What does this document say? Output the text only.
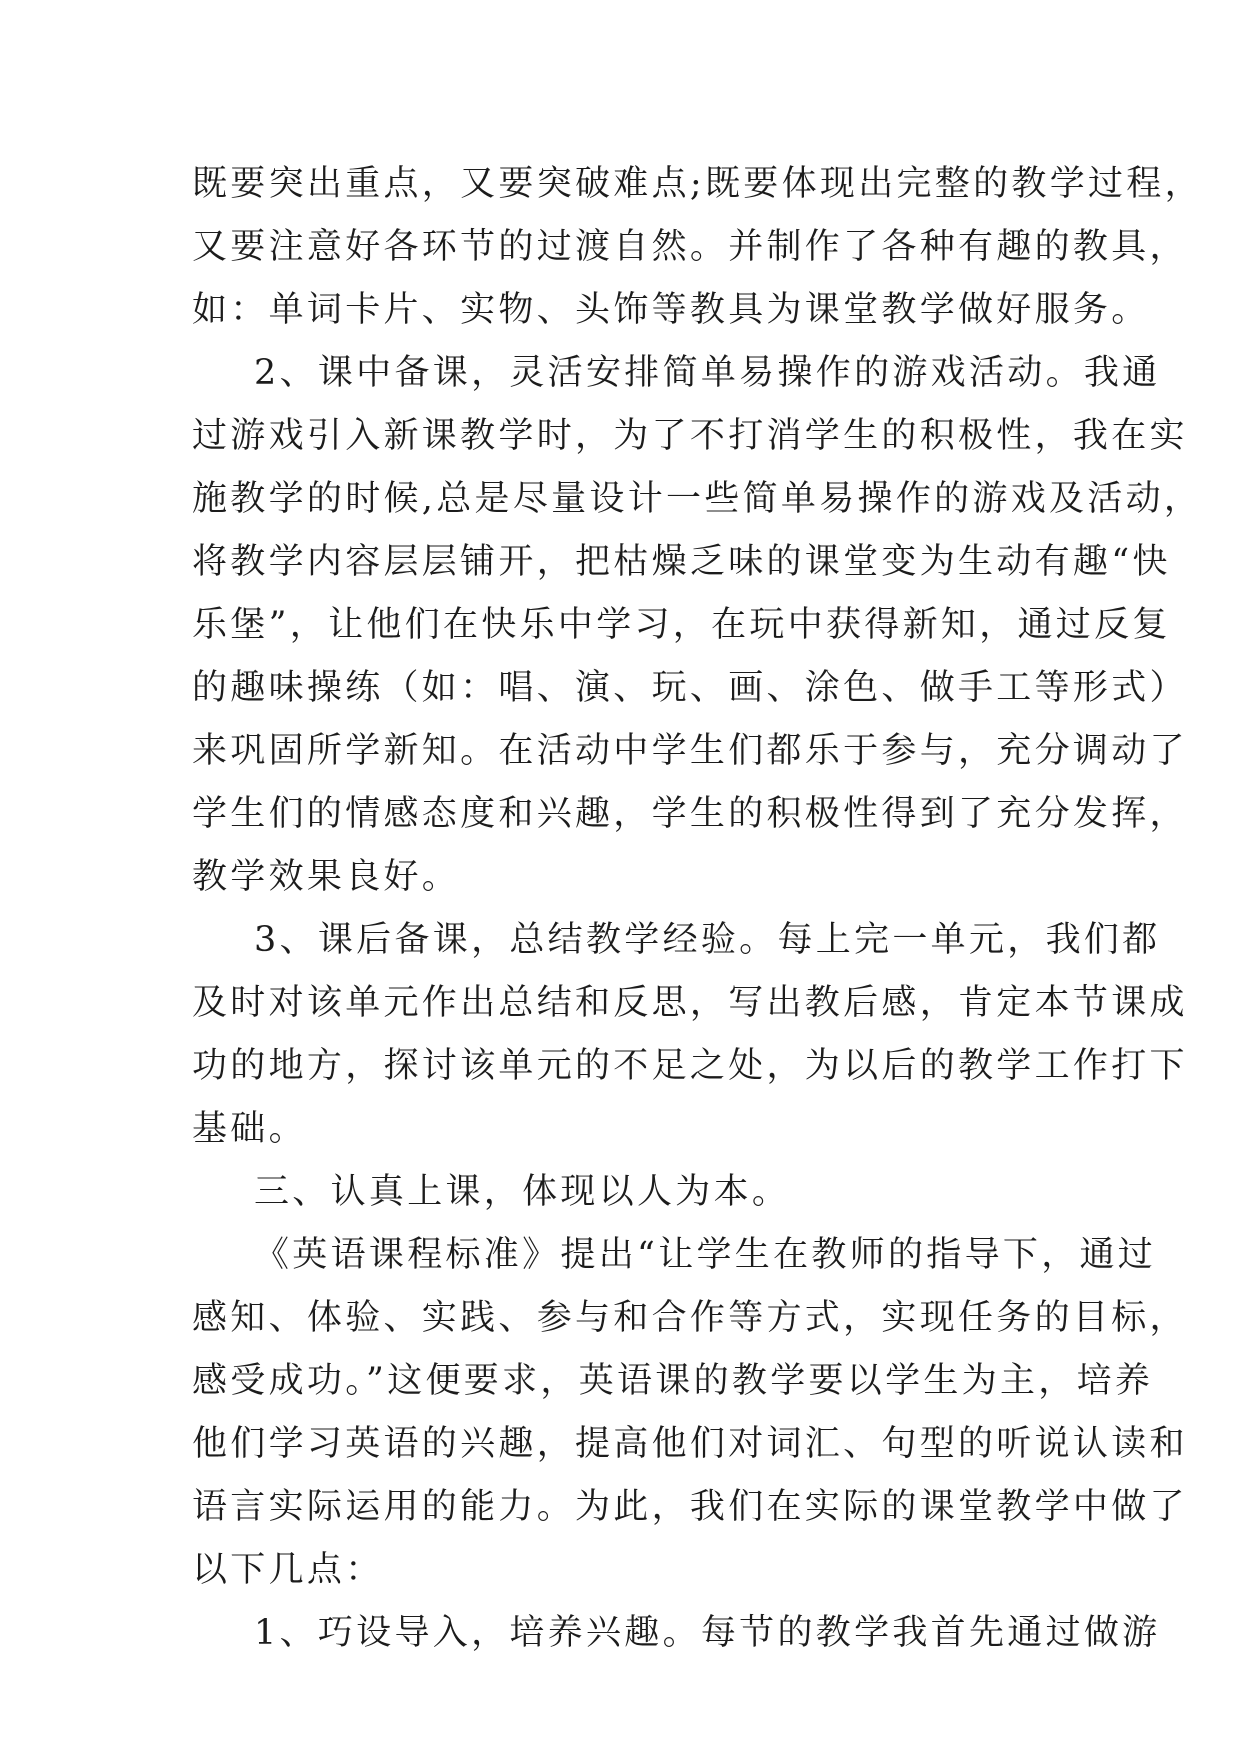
既要突出重点，又要突破难点;既要体现出完整的教学过程，
又要注意好各环节的过渡自然。并制作了各种有趣的教具，
如：单词卡片、实物、头饰等教具为课堂教学做好服务。
2、课中备课，灵活安排简单易操作的游戏活动。我通
过游戏引入新课教学时，为了不打消学生的积极性，我在实
施教学的时候,总是尽量设计一些简单易操作的游戏及活动，
将教学内容层层铺开，把枯燥乏味的课堂变为生动有趣“快
乐堡”，让他们在快乐中学习，在玩中获得新知，通过反复
的趣味操练（如：唱、演、玩、画、涂色、做手工等形式）
来巩固所学新知。在活动中学生们都乐于参与，充分调动了
学生们的情感态度和兴趣，学生的积极性得到了充分发挥，
教学效果良好。
3、课后备课，总结教学经验。每上完一单元，我们都
及时对该单元作出总结和反思，写出教后感，肯定本节课成
功的地方，探讨该单元的不足之处，为以后的教学工作打下
基础。
三、认真上课，体现以人为本。
《英语课程标准》提出“让学生在教师的指导下，通过
感知、体验、实践、参与和合作等方式，实现任务的目标，
感受成功。”这便要求，英语课的教学要以学生为主，培养
他们学习英语的兴趣，提高他们对词汇、句型的听说认读和
语言实际运用的能力。为此，我们在实际的课堂教学中做了
以下几点：
1、巧设导入，培养兴趣。每节的教学我首先通过做游
